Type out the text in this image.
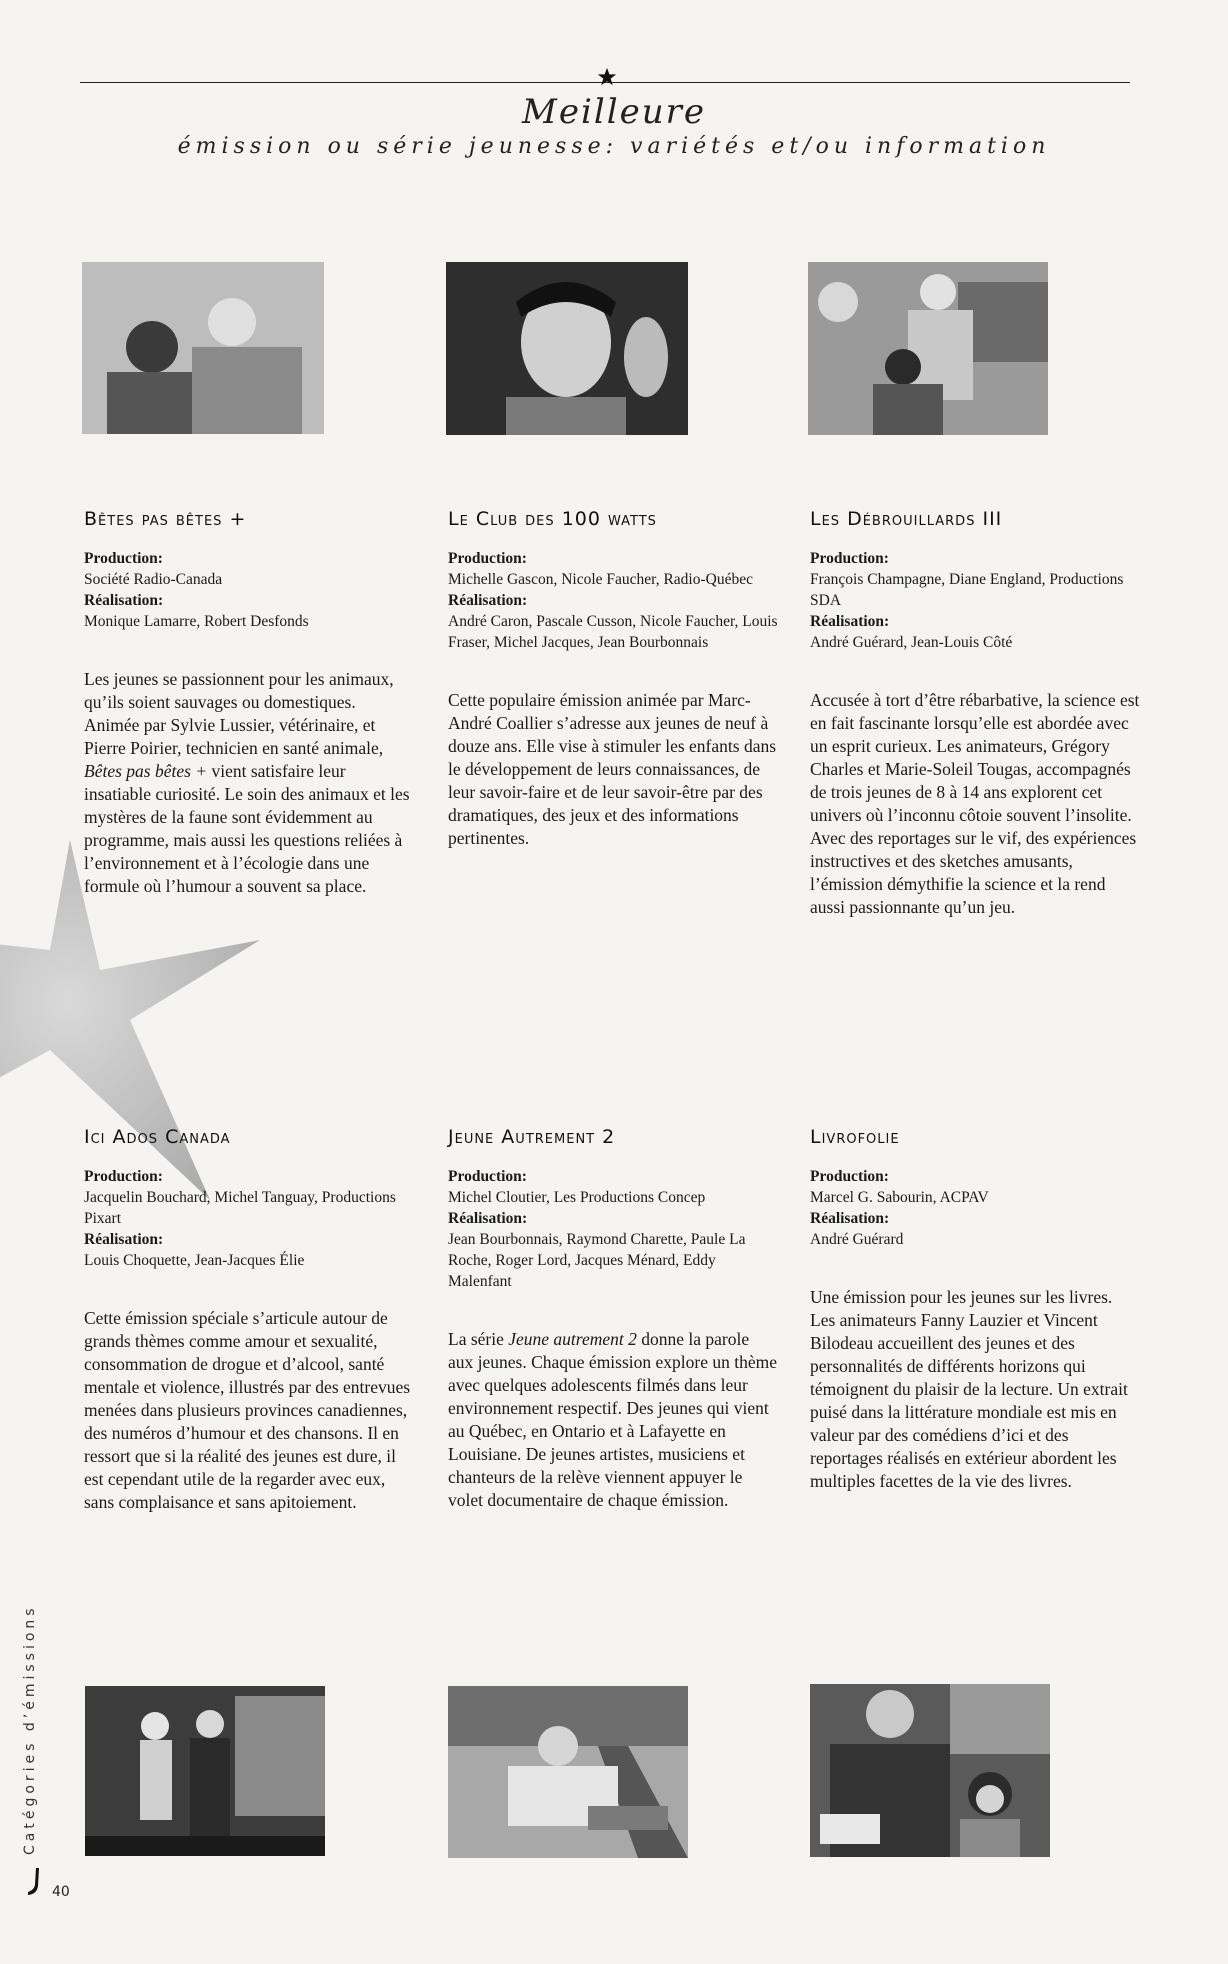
Meilleure
émission ou série jeunesse: variétés et/ou information
Bêtes pas bêtes +
Production:
Société Radio-Canada
Réalisation:
Monique Lamarre, Robert Desfonds
Les jeunes se passionnent pour les animaux, qu’ils soient sauvages ou domestiques. Animée par Sylvie Lussier, vétérinaire, et Pierre Poirier, technicien en santé animale, Bêtes pas bêtes + vient satisfaire leur insatiable curiosité. Le soin des animaux et les mystères de la faune sont évidemment au programme, mais aussi les questions reliées à l’environnement et à l’écologie dans une formule où l’humour a souvent sa place.
Le Club des 100 watts
Production:
Michelle Gascon, Nicole Faucher, Radio-Québec
Réalisation:
André Caron, Pascale Cusson, Nicole Faucher, Louis Fraser, Michel Jacques, Jean Bourbonnais
Cette populaire émission animée par Marc-André Coallier s’adresse aux jeunes de neuf à douze ans. Elle vise à stimuler les enfants dans le développement de leurs connaissances, de leur savoir-faire et de leur savoir-être par des dramatiques, des jeux et des informations pertinentes.
Les Débrouillards III
Production:
François Champagne, Diane England, Productions SDA
Réalisation:
André Guérard, Jean-Louis Côté
Accusée à tort d’être rébarbative, la science est en fait fascinante lorsqu’elle est abordée avec un esprit curieux. Les animateurs, Grégory Charles et Marie-Soleil Tougas, accompagnés de trois jeunes de 8 à 14 ans explorent cet univers où l’inconnu côtoie souvent l’insolite. Avec des reportages sur le vif, des expériences instructives et des sketches amusants, l’émission démythifie la science et la rend aussi passionnante qu’un jeu.
Ici Ados Canada
Production:
Jacquelin Bouchard, Michel Tanguay, Productions Pixart
Réalisation:
Louis Choquette, Jean-Jacques Élie
Cette émission spéciale s’articule autour de grands thèmes comme amour et sexualité, consommation de drogue et d’alcool, santé mentale et violence, illustrés par des entrevues menées dans plusieurs provinces canadiennes, des numéros d’humour et des chansons. Il en ressort que si la réalité des jeunes est dure, il est cependant utile de la regarder avec eux, sans complaisance et sans apitoiement.
Jeune Autrement 2
Production:
Michel Cloutier, Les Productions Concep
Réalisation:
Jean Bourbonnais, Raymond Charette, Paule La Roche, Roger Lord, Jacques Ménard, Eddy Malenfant
La série Jeune autrement 2 donne la parole aux jeunes. Chaque émission explore un thème avec quelques adolescents filmés dans leur environnement respectif. Des jeunes qui vient au Québec, en Ontario et à Lafayette en Louisiane. De jeunes artistes, musiciens et chanteurs de la relève viennent appuyer le volet documentaire de chaque émission.
Livrofolie
Production:
Marcel G. Sabourin, ACPAV
Réalisation:
André Guérard
Une émission pour les jeunes sur les livres. Les animateurs Fanny Lauzier et Vincent Bilodeau accueillent des jeunes et des personnalités de différents horizons qui témoignent du plaisir de la lecture. Un extrait puisé dans la littérature mondiale est mis en valeur par des comédiens d’ici et des reportages réalisés en extérieur abordent les multiples facettes de la vie des livres.
Catégories d’émissions
40
